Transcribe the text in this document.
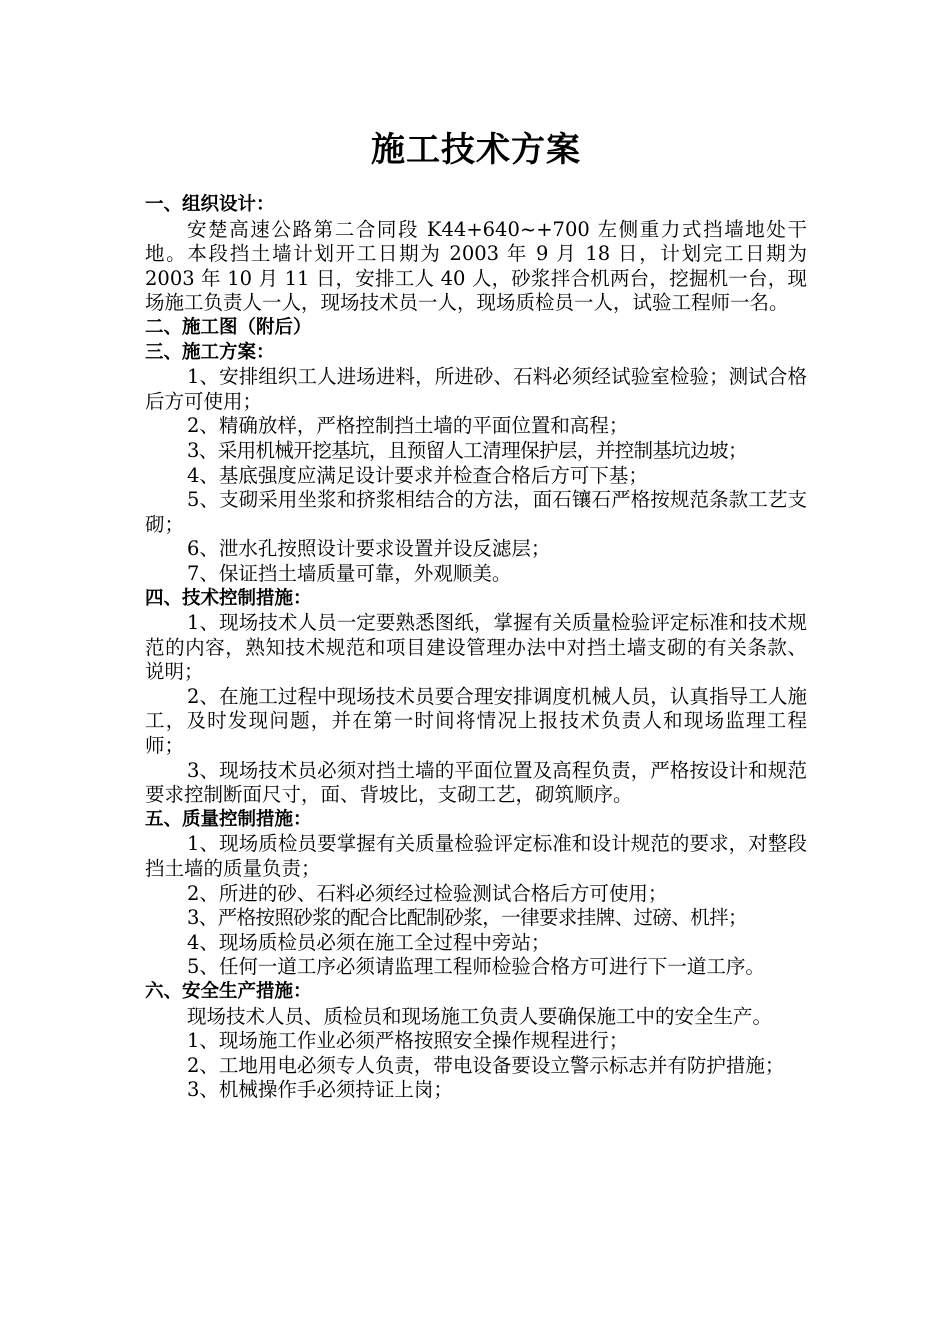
施工技术方案

一、组织设计：

安楚高速公路第二合同段 K44+640~+700 左侧重力式挡墙地处干地。本段挡土墙计划开工日期为 2003 年 9 月 18 日，计划完工日期为 2003 年 10 月 11 日，安排工人 40 人，砂浆拌合机两台，挖掘机一台，现场施工负责人一人，现场技术员一人，现场质检员一人，试验工程师一名。

二、施工图（附后）

三、施工方案：

1、安排组织工人进场进料，所进砂、石料必须经试验室检验；测试合格后方可使用；

2、精确放样，严格控制挡土墙的平面位置和高程；

3、采用机械开挖基坑，且预留人工清理保护层，并控制基坑边坡；

4、基底强度应满足设计要求并检查合格后方可下基；

5、支砌采用坐浆和挤浆相结合的方法，面石镶石严格按规范条款工艺支砌；

6、泄水孔按照设计要求设置并设反滤层；

7、保证挡土墙质量可靠，外观顺美。

四、技术控制措施：

1、现场技术人员一定要熟悉图纸，掌握有关质量检验评定标准和技术规范的内容，熟知技术规范和项目建设管理办法中对挡土墙支砌的有关条款、说明；

2、在施工过程中现场技术员要合理安排调度机械人员，认真指导工人施工，及时发现问题，并在第一时间将情况上报技术负责人和现场监理工程师；

3、现场技术员必须对挡土墙的平面位置及高程负责，严格按设计和规范要求控制断面尺寸，面、背坡比，支砌工艺，砌筑顺序。

五、质量控制措施：

1、现场质检员要掌握有关质量检验评定标准和设计规范的要求，对整段挡土墙的质量负责；

2、所进的砂、石料必须经过检验测试合格后方可使用；

3、严格按照砂浆的配合比配制砂浆，一律要求挂牌、过磅、机拌；

4、现场质检员必须在施工全过程中旁站；

5、任何一道工序必须请监理工程师检验合格方可进行下一道工序。

六、安全生产措施：

现场技术人员、质检员和现场施工负责人要确保施工中的安全生产。

1、现场施工作业必须严格按照安全操作规程进行；

2、工地用电必须专人负责，带电设备要设立警示标志并有防护措施；

3、机械操作手必须持证上岗；
